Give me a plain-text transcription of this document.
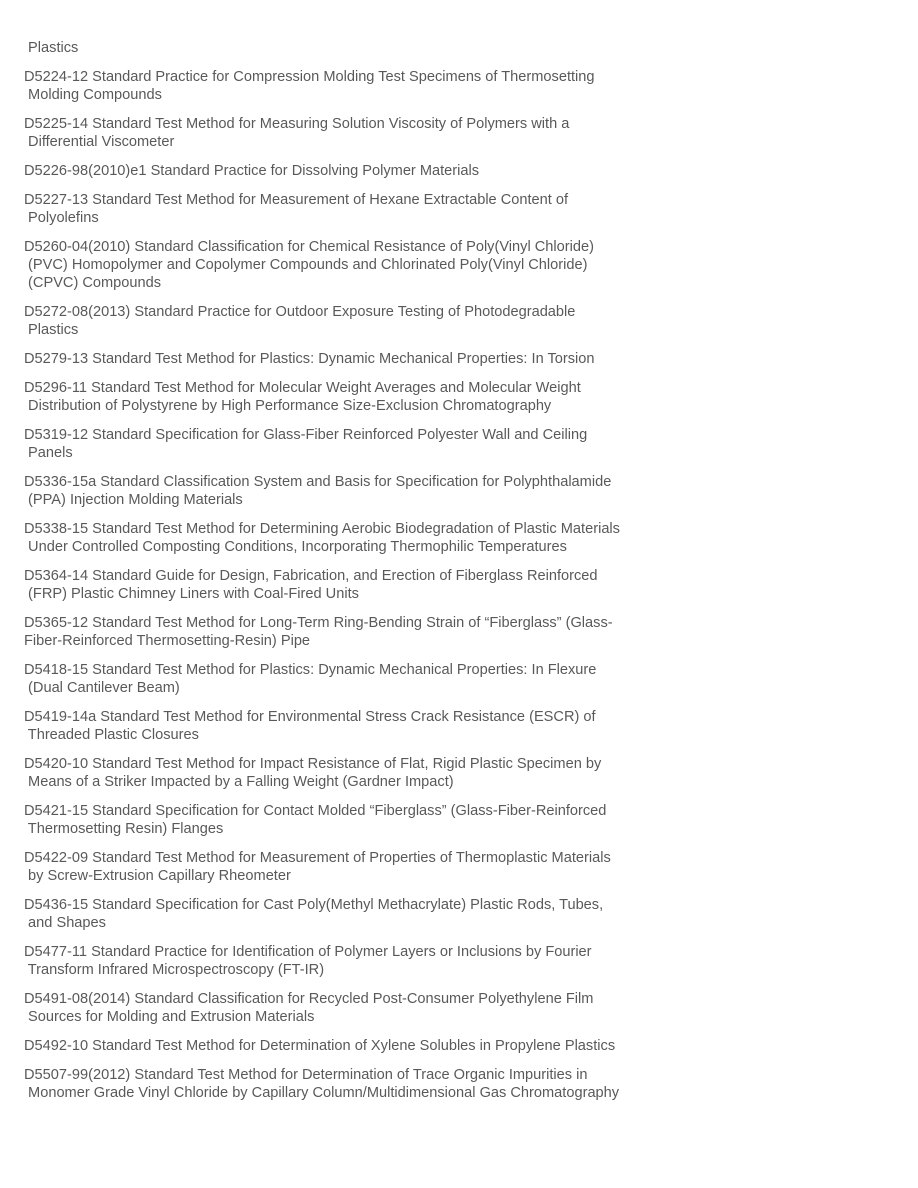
Plastics
D5224-12 Standard Practice for Compression Molding Test Specimens of Thermosetting
Molding Compounds
D5225-14 Standard Test Method for Measuring Solution Viscosity of Polymers with a
Differential Viscometer
D5226-98(2010)e1 Standard Practice for Dissolving Polymer Materials
D5227-13 Standard Test Method for Measurement of Hexane Extractable Content of
Polyolefins
D5260-04(2010) Standard Classification for Chemical Resistance of Poly(Vinyl Chloride)
(PVC) Homopolymer and Copolymer Compounds and Chlorinated Poly(Vinyl Chloride)
(CPVC) Compounds
D5272-08(2013) Standard Practice for Outdoor Exposure Testing of Photodegradable
Plastics
D5279-13 Standard Test Method for Plastics: Dynamic Mechanical Properties: In Torsion
D5296-11 Standard Test Method for Molecular Weight Averages and Molecular Weight
Distribution of Polystyrene by High Performance Size-Exclusion Chromatography
D5319-12 Standard Specification for Glass-Fiber Reinforced Polyester Wall and Ceiling
Panels
D5336-15a Standard Classification System and Basis for Specification for Polyphthalamide
(PPA) Injection Molding Materials
D5338-15 Standard Test Method for Determining Aerobic Biodegradation of Plastic Materials
Under Controlled Composting Conditions, Incorporating Thermophilic Temperatures
D5364-14 Standard Guide for Design, Fabrication, and Erection of Fiberglass Reinforced
(FRP) Plastic Chimney Liners with Coal-Fired Units
D5365-12 Standard Test Method for Long-Term Ring-Bending Strain of “Fiberglass” (Glass-
Fiber-Reinforced Thermosetting-Resin) Pipe
D5418-15 Standard Test Method for Plastics: Dynamic Mechanical Properties: In Flexure
(Dual Cantilever Beam)
D5419-14a Standard Test Method for Environmental Stress Crack Resistance (ESCR) of
Threaded Plastic Closures
D5420-10 Standard Test Method for Impact Resistance of Flat, Rigid Plastic Specimen by
Means of a Striker Impacted by a Falling Weight (Gardner Impact)
D5421-15 Standard Specification for Contact Molded “Fiberglass” (Glass-Fiber-Reinforced
Thermosetting Resin) Flanges
D5422-09 Standard Test Method for Measurement of Properties of Thermoplastic Materials
by Screw-Extrusion Capillary Rheometer
D5436-15 Standard Specification for Cast Poly(Methyl Methacrylate) Plastic Rods, Tubes,
and Shapes
D5477-11 Standard Practice for Identification of Polymer Layers or Inclusions by Fourier
Transform Infrared Microspectroscopy (FT-IR)
D5491-08(2014) Standard Classification for Recycled Post-Consumer Polyethylene Film
Sources for Molding and Extrusion Materials
D5492-10 Standard Test Method for Determination of Xylene Solubles in Propylene Plastics
D5507-99(2012) Standard Test Method for Determination of Trace Organic Impurities in
Monomer Grade Vinyl Chloride by Capillary Column/Multidimensional Gas Chromatography
